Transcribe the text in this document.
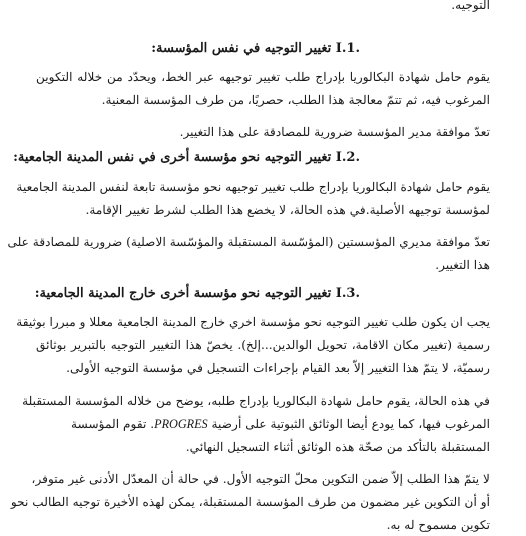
التوجيه.
.1.I تغيير التوجيه في نفس المؤسسة:
يقوم حامل شهادة البكالوريا بإدراج طلب تغيير توجيهه عبر الخط، ويحدّد من خلاله التكوين
المرغوب فيه، ثم تتمّ معالجة هذا الطلب، حصريًا، من طرف المؤسسة المعنية.
تعدّ موافقة مدير المؤسسة ضرورية للمصادقة على هذا التغيير.
.2.I تغيير التوجيه نحو مؤسسة أخرى في نفس المدينة الجامعية:
يقوم حامل شهادة البكالوريا بإدراج طلب تغيير توجيهه نحو مؤسسة تابعة لنفس المدينة الجامعية
لمؤسسة توجيهه الأصلية.في هذه الحالة، لا يخضع هذا الطلب لشرط تغيير الإقامة.
تعدّ موافقة مديري المؤسستين (المؤسّسة المستقبلة والمؤسّسة الاصلية) ضرورية للمصادقة على
هذا التغيير.
.3.I تغيير التوجيه نحو مؤسسة أخرى خارج المدينة الجامعية:
يجب ان يكون طلب تغيير التوجيه نحو مؤسسة اخري خارج المدينة الجامعية معللا و مبررا بوثيقة
رسمية (تغيير مكان الاقامة، تحويل الوالدين...إلخ). يخصّ هذا التغيير التوجيه بالتبرير بوثائق
رسميّة، لا يتمّ هذا التغيير إلاّ بعد القيام بإجراءات التسجيل في مؤسسة التوجيه الأولى.
في هذه الحالة، يقوم حامل شهادة البكالوريا بإدراج طلبه، يوضح من خلاله المؤسسة المستقبلة
المرغوب فيها، كما يودع أيضا الوثائق الثبوتية على أرضية PROGRES. تقوم المؤسسة
المستقبلة بالتأكد من صحّة هذه الوثائق أثناء التسجيل النهائي.
لا يتمّ هذا الطلب إلاّ ضمن التكوين محلّ التوجيه الأول. في حالة أن المعدّل الأدنى غير متوفر،
أو أن التكوين غير مضمون من طرف المؤسسة المستقبلة، يمكن لهذه الأخيرة توجيه الطالب نحو
تكوين مسموح له به.
